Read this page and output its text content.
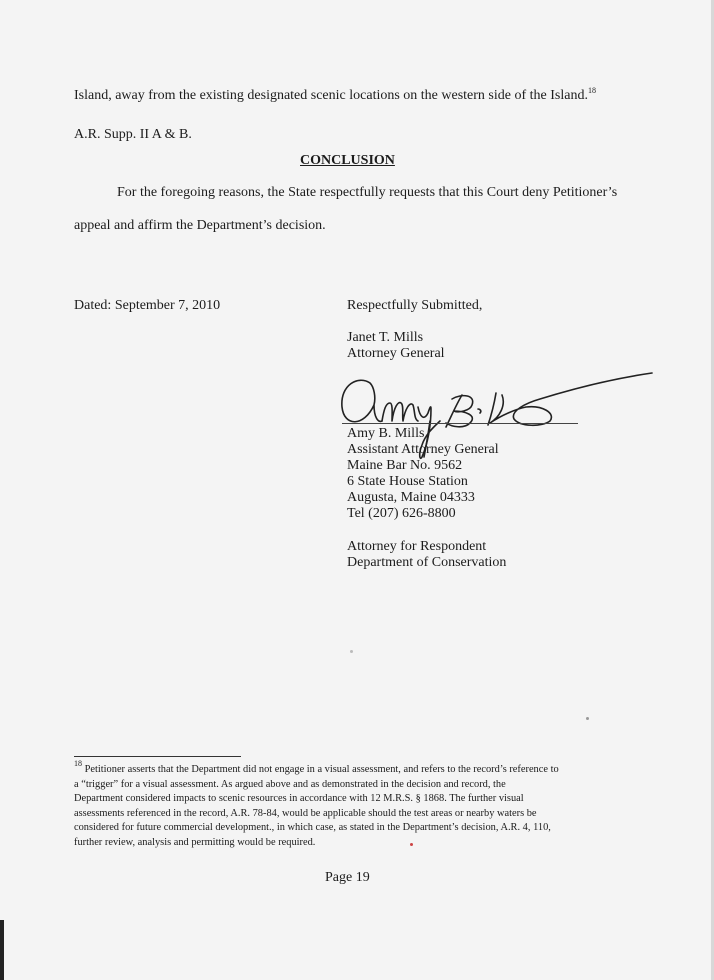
Island, away from the existing designated scenic locations on the western side of the Island.$^{18}$
A.R. Supp. II A & B.
CONCLUSION
For the foregoing reasons, the State respectfully requests that this Court deny Petitioner’s
appeal and affirm the Department’s decision.
Dated: September 7, 2010	Respectfully Submitted,
Janet T. Mills
Attorney General
Amy B. Mills
Assistant Attorney General
Maine Bar No. 9562
6 State House Station
Augusta, Maine 04333
Tel (207) 626-8800
Attorney for Respondent
Department of Conservation
$^{18}$ Petitioner asserts that the Department did not engage in a visual assessment, and refers to the record’s reference to
a “trigger” for a visual assessment. As argued above and as demonstrated in the decision and record, the
Department considered impacts to scenic resources in accordance with 12 M.R.S. § 1868. The further visual
assessments referenced in the record, A.R. 78-84, would be applicable should the test areas or nearby waters be
considered for future commercial development., in which case, as stated in the Department’s decision, A.R. 4, 110,
further review, analysis and permitting would be required.
Page 19
